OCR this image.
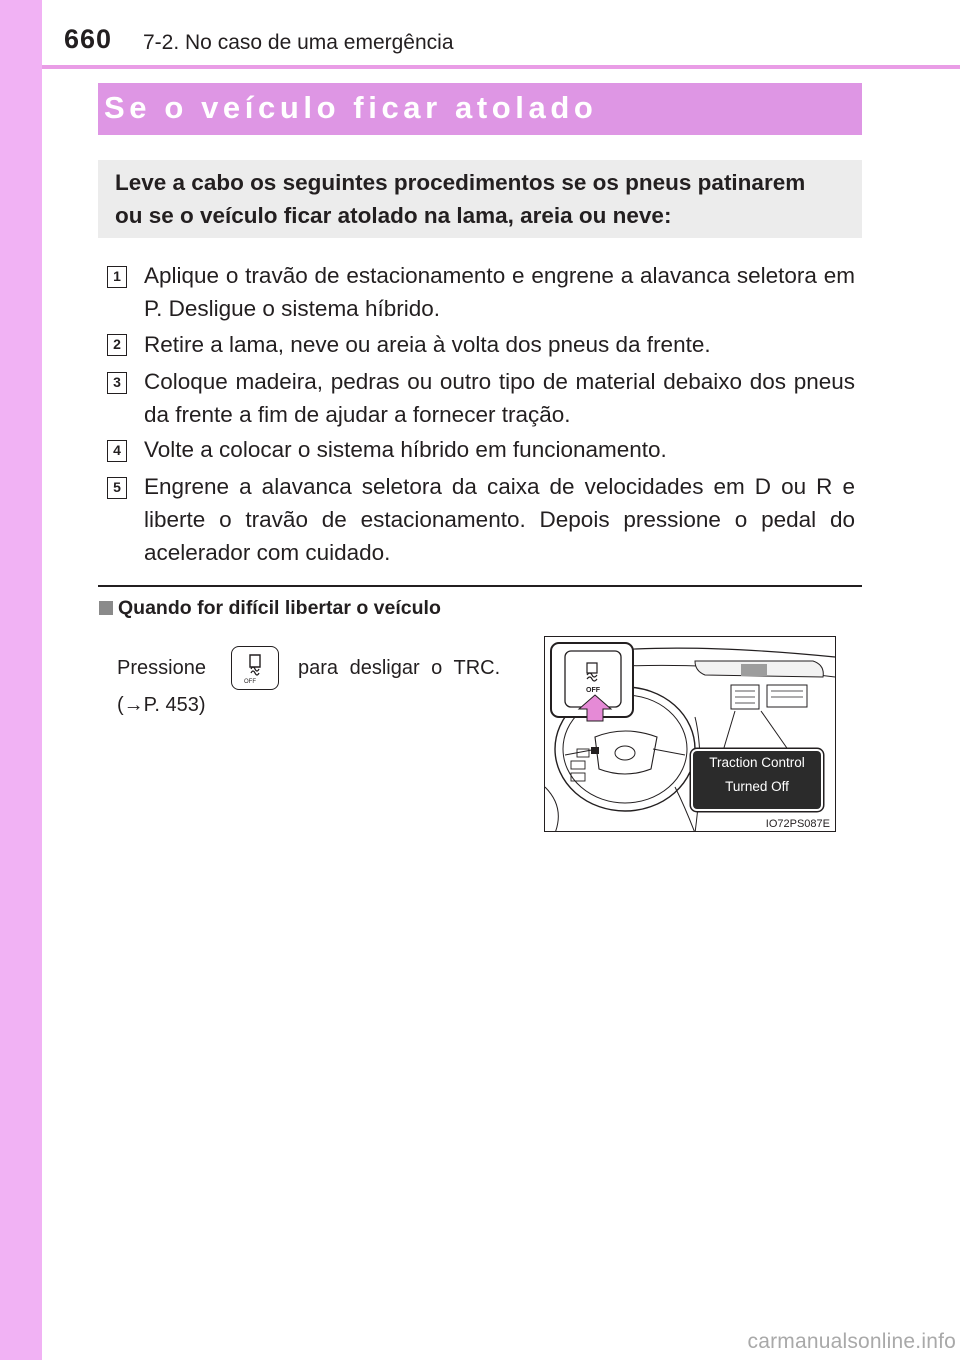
660 7-2. No caso de uma emergência
Se o veículo ficar atolado
Leve a cabo os seguintes procedimentos se os pneus patinarem
ou se o veículo ficar atolado na lama, areia ou neve:
1 Aplique o travão de estacionamento e engrene a alavanca seletora em P. Desligue o sistema híbrido.
2 Retire a lama, neve ou areia à volta dos pneus da frente.
3 Coloque madeira, pedras ou outro tipo de material debaixo dos pneus da frente a fim de ajudar a fornecer tração.
4 Volte a colocar o sistema híbrido em funcionamento.
5 Engrene a alavanca seletora da caixa de velocidades em D ou R e liberte o travão de estacionamento. Depois pressione o pedal do acelerador com cuidado.
Quando for difícil libertar o veículo
Pressione
OFF
para desligar o TRC.
(→P. 453)
OFF
Traction Control
Turned Off
IO72PS087E
carmanualsonline.info
